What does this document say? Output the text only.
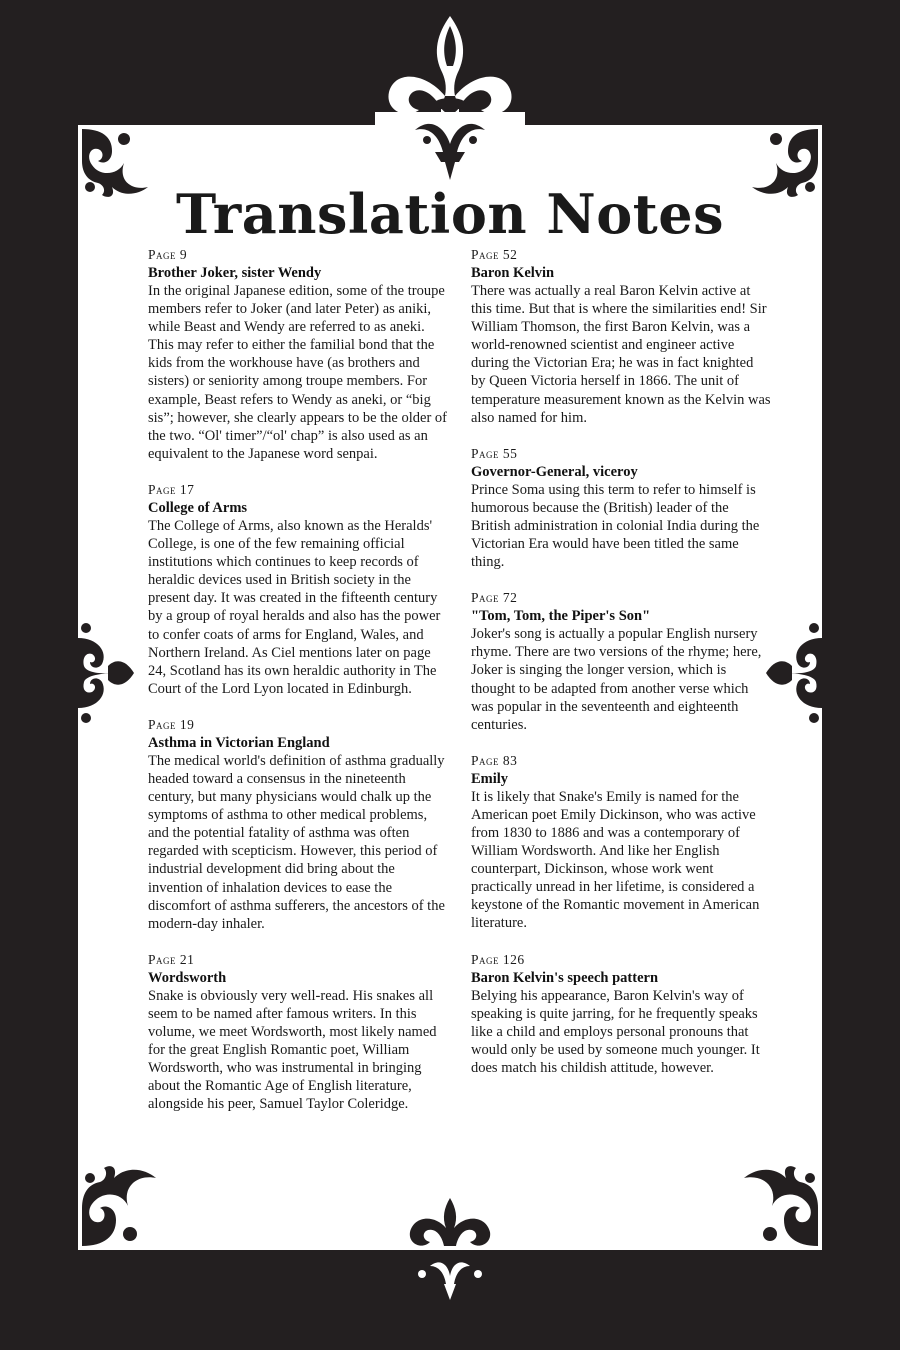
Translation Notes
Page 9
Brother Joker, sister Wendy
In the original Japanese edition, some of the troupe members refer to Joker (and later Peter) as aniki, while Beast and Wendy are referred to as aneki. This may refer to either the familial bond that the kids from the workhouse have (as brothers and sisters) or seniority among troupe members. For example, Beast refers to Wendy as aneki, or “big sis”; however, she clearly appears to be the older of the two. “Ol' timer”/“ol' chap” is also used as an equivalent to the Japanese word senpai.
Page 17
College of Arms
The College of Arms, also known as the Heralds' College, is one of the few remaining official institutions which continues to keep records of heraldic devices used in British society in the present day. It was created in the fifteenth century by a group of royal heralds and also has the power to confer coats of arms for England, Wales, and Northern Ireland. As Ciel mentions later on page 24, Scotland has its own heraldic authority in The Court of the Lord Lyon located in Edinburgh.
Page 19
Asthma in Victorian England
The medical world's definition of asthma gradually headed toward a consensus in the nineteenth century, but many physicians would chalk up the symptoms of asthma to other medical problems, and the potential fatality of asthma was often regarded with scepticism. However, this period of industrial development did bring about the invention of inhalation devices to ease the discomfort of asthma sufferers, the ancestors of the modern-day inhaler.
Page 21
Wordsworth
Snake is obviously very well-read. His snakes all seem to be named after famous writers. In this volume, we meet Wordsworth, most likely named for the great English Romantic poet, William Wordsworth, who was instrumental in bringing about the Romantic Age of English literature, alongside his peer, Samuel Taylor Coleridge.
Page 52
Baron Kelvin
There was actually a real Baron Kelvin active at this time. But that is where the similarities end! Sir William Thomson, the first Baron Kelvin, was a world-renowned scientist and engineer active during the Victorian Era; he was in fact knighted by Queen Victoria herself in 1866. The unit of temperature measurement known as the Kelvin was also named for him.
Page 55
Governor-General, viceroy
Prince Soma using this term to refer to himself is humorous because the (British) leader of the British administration in colonial India during the Victorian Era would have been titled the same thing.
Page 72
"Tom, Tom, the Piper's Son"
Joker's song is actually a popular English nursery rhyme. There are two versions of the rhyme; here, Joker is singing the longer version, which is thought to be adapted from another verse which was popular in the seventeenth and eighteenth centuries.
Page 83
Emily
It is likely that Snake's Emily is named for the American poet Emily Dickinson, who was active from 1830 to 1886 and was a contemporary of William Wordsworth. And like her English counterpart, Dickinson, whose work went practically unread in her lifetime, is considered a keystone of the Romantic movement in American literature.
Page 126
Baron Kelvin's speech pattern
Belying his appearance, Baron Kelvin's way of speaking is quite jarring, for he frequently speaks like a child and employs personal pronouns that would only be used by someone much younger. It does match his childish attitude, however.
